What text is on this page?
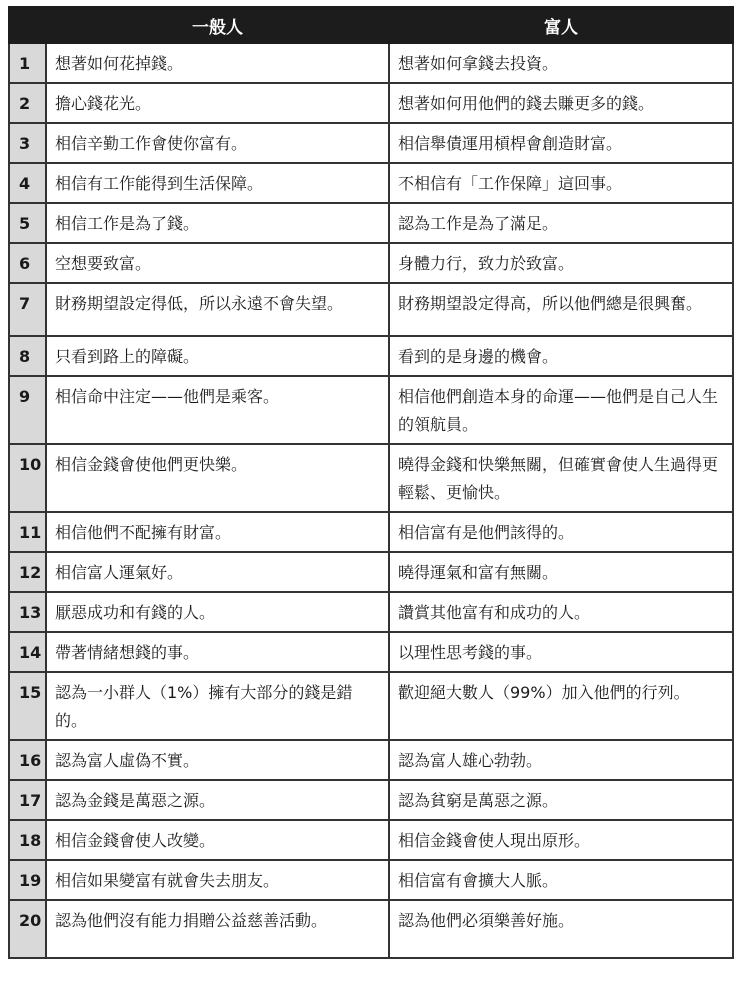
	一般人	富人
1	想著如何花掉錢。	想著如何拿錢去投資。
2	擔心錢花光。	想著如何用他們的錢去賺更多的錢。
3	相信辛勤工作會使你富有。	相信舉債運用槓桿會創造財富。
4	相信有工作能得到生活保障。	不相信有「工作保障」這回事。
5	相信工作是為了錢。	認為工作是為了滿足。
6	空想要致富。	身體力行，致力於致富。
7	財務期望設定得低，所以永遠不會失望。	財務期望設定得高，所以他們總是很興奮。
8	只看到路上的障礙。	看到的是身邊的機會。
9	相信命中注定——他們是乘客。	相信他們創造本身的命運——他們是自己人生的領航員。
10	相信金錢會使他們更快樂。	曉得金錢和快樂無關，但確實會使人生過得更輕鬆、更愉快。
11	相信他們不配擁有財富。	相信富有是他們該得的。
12	相信富人運氣好。	曉得運氣和富有無關。
13	厭惡成功和有錢的人。	讚賞其他富有和成功的人。
14	帶著情緒想錢的事。	以理性思考錢的事。
15	認為一小群人（1%）擁有大部分的錢是錯的。	歡迎絕大數人（99%）加入他們的行列。
16	認為富人虛偽不實。	認為富人雄心勃勃。
17	認為金錢是萬惡之源。	認為貧窮是萬惡之源。
18	相信金錢會使人改變。	相信金錢會使人現出原形。
19	相信如果變富有就會失去朋友。	相信富有會擴大人脈。
20	認為他們沒有能力捐贈公益慈善活動。	認為他們必須樂善好施。
